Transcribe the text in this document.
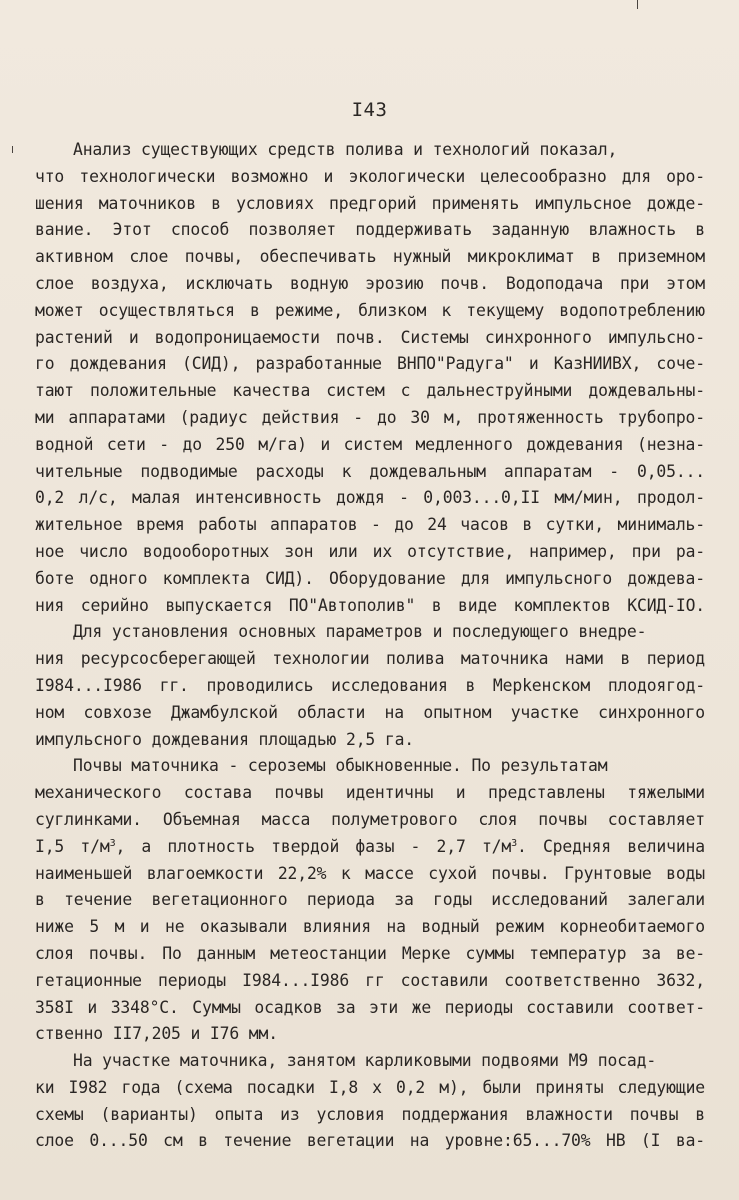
I43
Анализ существующих средств полива и технологий показал,
что технологически возможно и экологически целесообразно для оро-
шения маточников в условиях предгорий применять импульсное дожде-
вание. Этот способ позволяет поддерживать заданную влажность в
активном слое почвы, обеспечивать нужный микроклимат в приземном
слое воздуха, исключать водную эрозию почв. Водоподача при этом
может осуществляться в режиме, близком к текущему водопотреблению
растений и водопроницаемости почв. Системы синхронного импульсно-
го дождевания (СИД), разработанные ВНПО"Радуга" и КазНИИВХ, соче-
тают положительные качества систем с дальнеструйными дождевальны-
ми аппаратами (радиус действия - до 30 м, протяженность трубопро-
водной сети - до 250 м/га) и систем медленного дождевания (незна-
чительные подводимые расходы к дождевальным аппаратам - 0,05...
0,2 л/с, малая интенсивность дождя - 0,003...0,II мм/мин, продол-
жительное время работы аппаратов - до 24 часов в сутки, минималь-
ное число водооборотных зон или их отсутствие, например, при ра-
боте одного комплекта СИД). Оборудование для импульсного дождева-
ния серийно выпускается ПО"Автополив" в виде комплектов КСИД-IO.
Для установления основных параметров и последующего внедре-
ния ресурсосберегающей технологии полива маточника нами в период
I984...I986 гг. проводились исследования в Мерkенском плодоягод-
ном совхозе Джамбулской области на опытном участке синхронного
импульсного дождевания площадью 2,5 га.
Почвы маточника - сероземы обыкновенные. По результатам
механического состава почвы идентичны и представлены тяжелыми
суглинками. Объемная масса полуметрового слоя почвы составляет
I,5 $т/м^3$, а плотность твердой фазы - 2,7 $т/м^3$. Средняя величина
наименьшей влагоемкости 22,2% к массе сухой почвы. Грунтовые воды
в течение вегетационного периода за годы исследований залегали
ниже 5 м и не оказывали влияния на водный режим корнеобитаемого
слоя почвы. По данным метеостанции Мерке суммы температур за ве-
гетационные периоды I984...I986 гг составили соответственно 3632,
358I и 3348°С. Суммы осадков за эти же периоды составили соответ-
ственно II7,205 и I76 мм.
На участке маточника, занятом карликовыми подвоями М9 посад-
ки I982 года (схема посадки I,8 х 0,2 м), были приняты следующие
схемы (варианты) опыта из условия поддержания влажности почвы в
слое 0...50 см в течение вегетации на уровне:65...70% НВ (I ва-
